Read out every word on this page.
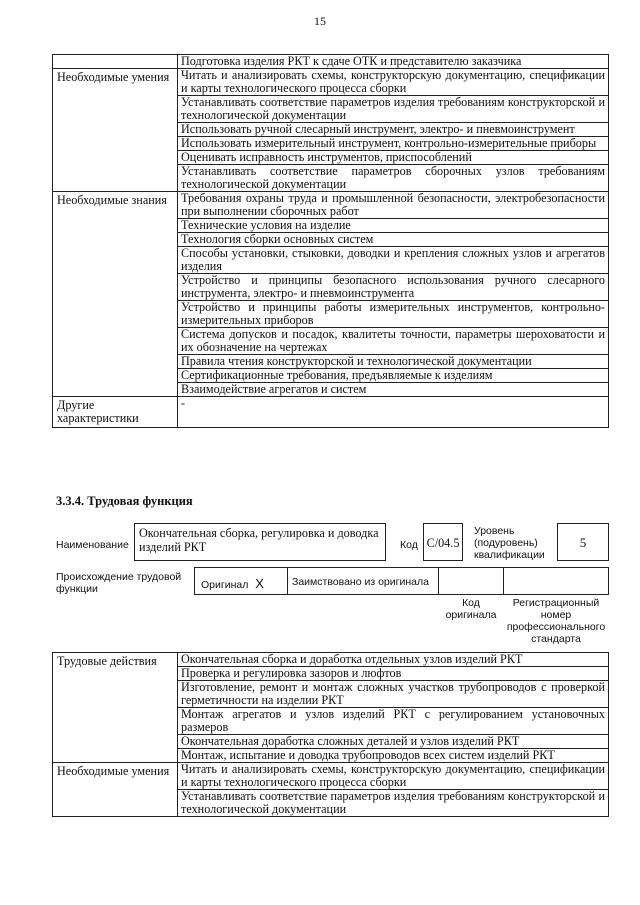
15
	Подготовка изделия РКТ к сдаче ОТК и представителю заказчика
Необходимые умения	Читать и анализировать схемы, конструкторскую документацию, спецификации и карты технологического процесса сборки
	Устанавливать соответствие параметров изделия требованиям конструкторской и технологической документации
	Использовать ручной слесарный инструмент, электро- и пневмоинструмент
	Использовать измерительный инструмент, контрольно-измерительные приборы
	Оценивать исправность инструментов, приспособлений
	Устанавливать соответствие параметров сборочных узлов требованиям технологической документации
Необходимые знания	Требования охраны труда и промышленной безопасности, электробезопасности при выполнении сборочных работ
	Технические условия на изделие
	Технология сборки основных систем
	Способы установки, стыковки, доводки и крепления сложных узлов и агрегатов изделия
	Устройство и принципы безопасного использования ручного слесарного инструмента, электро- и пневмоинструмента
	Устройство и принципы работы измерительных инструментов, контрольно-измерительных приборов
	Система допусков и посадок, квалитеты точности, параметры шероховатости и их обозначение на чертежах
	Правила чтения конструкторской и технологической документации
	Сертификационные требования, предъявляемые к изделиям
	Взаимодействие агрегатов и систем
Другие характеристики	-
3.3.4. Трудовая функция
Наименование
Окончательная сборка, регулировка и доводка изделий РКТ	Код C/04.5
Уровень (подуровень) квалификации
5
Происхождение трудовой функции	Оригинал X	Заимствовано из оригинала
Код оригинала
Регистрационный номер профессионального стандарта
Трудовые действия	Окончательная сборка и доработка отдельных узлов изделий РКТ
	Проверка и регулировка зазоров и люфтов
	Изготовление, ремонт и монтаж сложных участков трубопроводов с проверкой герметичности на изделии РКТ
	Монтаж агрегатов и узлов изделий РКТ с регулированием установочных размеров
	Окончательная доработка сложных деталей и узлов изделий РКТ
	Монтаж, испытание и доводка трубопроводов всех систем изделий РКТ
Необходимые умения	Читать и анализировать схемы, конструкторскую документацию, спецификации и карты технологического процесса сборки
	Устанавливать соответствие параметров изделия требованиям конструкторской и технологической документации
